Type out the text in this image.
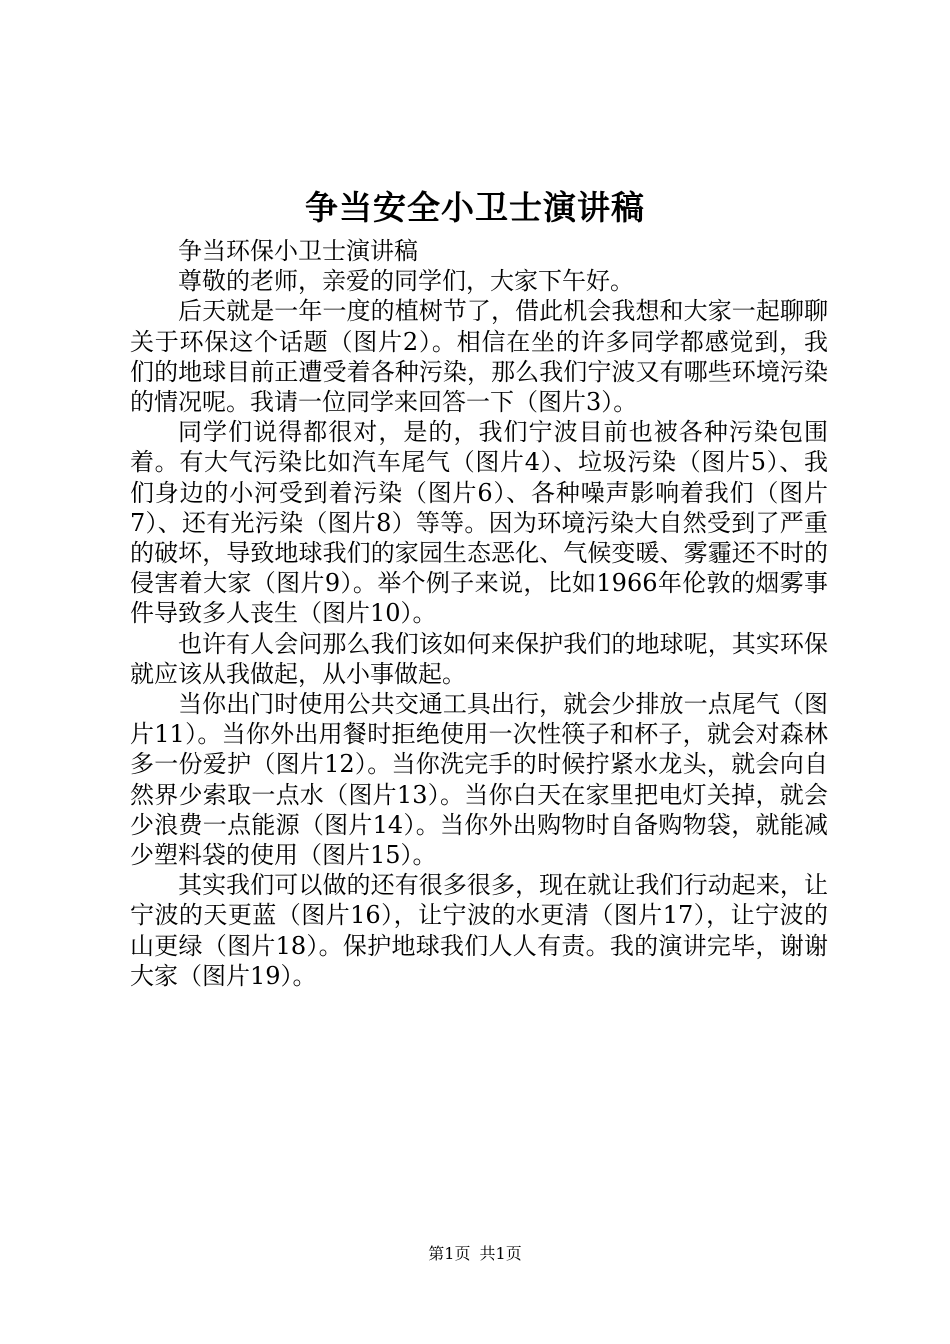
争当安全小卫士演讲稿

争当环保小卫士演讲稿

尊敬的老师，亲爱的同学们，大家下午好。

后天就是一年一度的植树节了，借此机会我想和大家一起聊聊关于环保这个话题（图片2）。相信在坐的许多同学都感觉到，我们的地球目前正遭受着各种污染，那么我们宁波又有哪些环境污染的情况呢。我请一位同学来回答一下（图片3）。

同学们说得都很对，是的，我们宁波目前也被各种污染包围着。有大气污染比如汽车尾气（图片4）、垃圾污染（图片5）、我们身边的小河受到着污染（图片6）、各种噪声影响着我们（图片7）、还有光污染（图片8）等等。因为环境污染大自然受到了严重的破坏，导致地球我们的家园生态恶化、气候变暖、雾霾还不时的侵害着大家（图片9）。举个例子来说，比如1966年伦敦的烟雾事件导致多人丧生（图片10）。

也许有人会问那么我们该如何来保护我们的地球呢，其实环保就应该从我做起，从小事做起。

当你出门时使用公共交通工具出行，就会少排放一点尾气（图片11）。当你外出用餐时拒绝使用一次性筷子和杯子，就会对森林多一份爱护（图片12）。当你洗完手的时候拧紧水龙头，就会向自然界少索取一点水（图片13）。当你白天在家里把电灯关掉，就会少浪费一点能源（图片14）。当你外出购物时自备购物袋，就能减少塑料袋的使用（图片15）。

其实我们可以做的还有很多很多，现在就让我们行动起来，让宁波的天更蓝（图片16），让宁波的水更清（图片17），让宁波的山更绿（图片18）。保护地球我们人人有责。我的演讲完毕，谢谢大家（图片19）。

第1页 共1页
